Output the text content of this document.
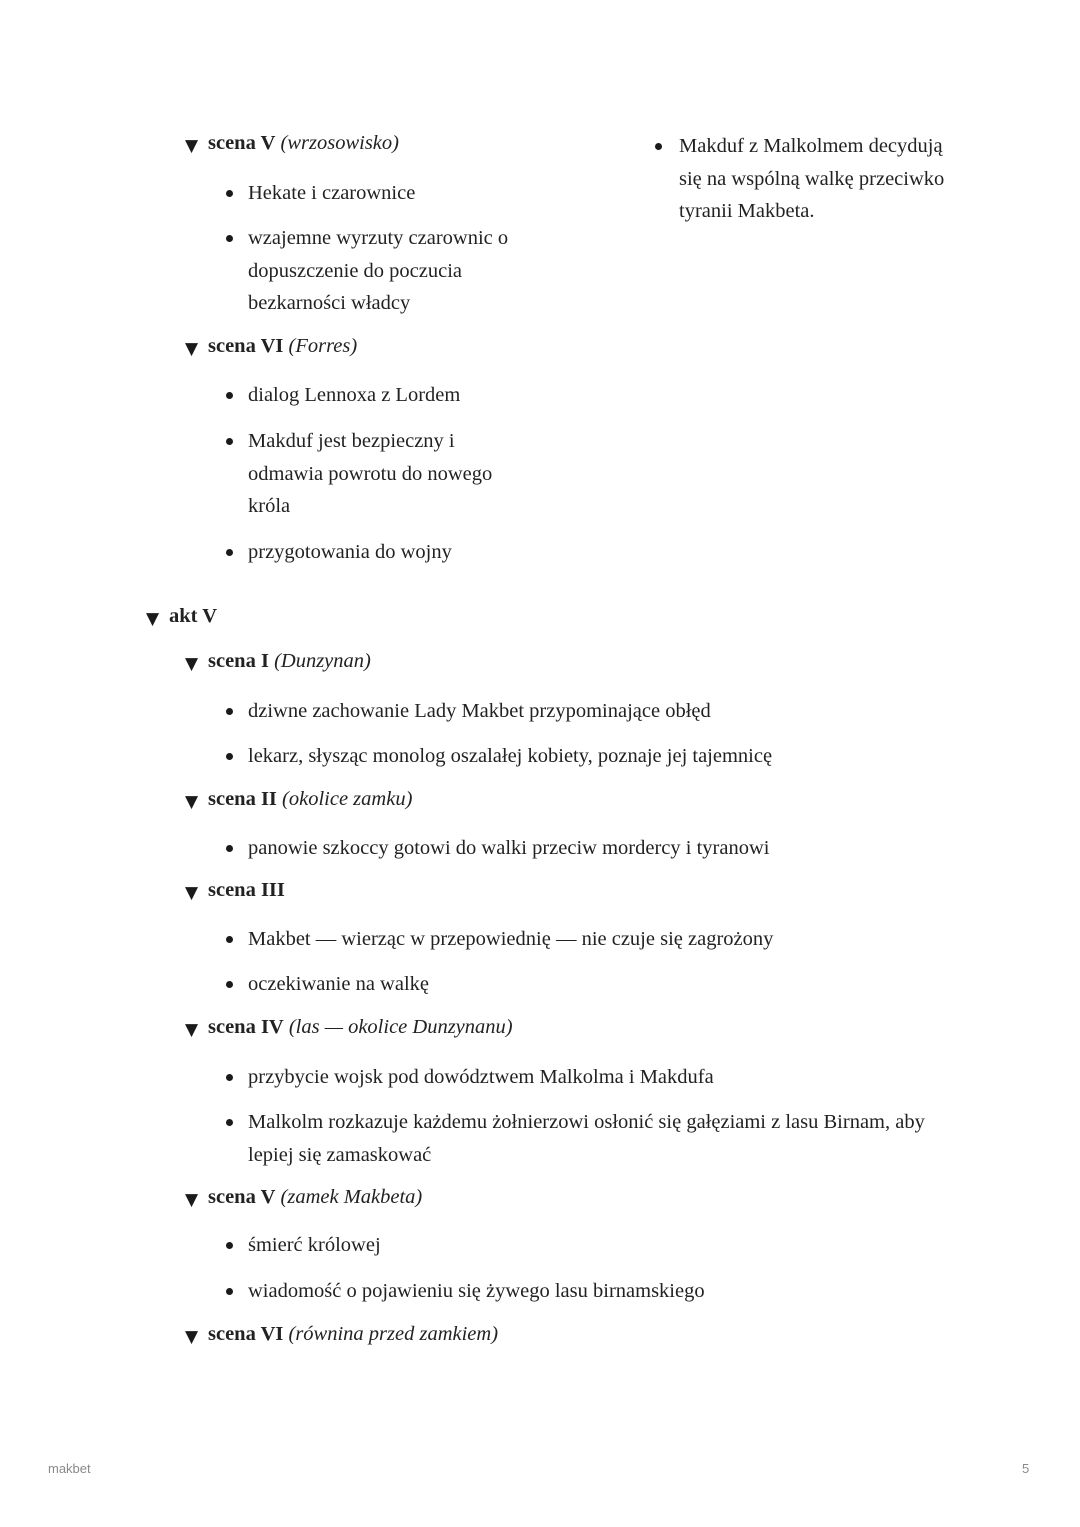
▼ scena V (wrzosowisko)
Hekate i czarownice
wzajemne wyrzuty czarownic o dopuszczenie do poczucia bezkarności władcy
▼ scena VI (Forres)
dialog Lennoxa z Lordem
Makduf jest bezpieczny i odmawia powrotu do nowego króla
przygotowania do wojny
Makduf z Malkolmem decydują się na wspólną walkę przeciwko tyranii Makbeta.
▼ akt V
▼ scena I (Dunzynan)
dziwne zachowanie Lady Makbet przypominające obłęd
lekarz, słysząc monolog oszalałej kobiety, poznaje jej tajemnicę
▼ scena II (okolice zamku)
panowie szkoccy gotowi do walki przeciw mordercy i tyranowi
▼ scena III
Makbet — wierząc w przepowiednię — nie czuje się zagrożony
oczekiwanie na walkę
▼ scena IV (las — okolice Dunzynanu)
przybycie wojsk pod dowództwem Malkolma i Makdufa
Malkolm rozkazuje każdemu żołnierzowi osłonić się gałęziami z lasu Birnam, aby lepiej się zamaskować
▼ scena V (zamek Makbeta)
śmierć królowej
wiadomość o pojawieniu się żywego lasu birnamskiego
▼ scena VI (równina przed zamkiem)
makbet	5
